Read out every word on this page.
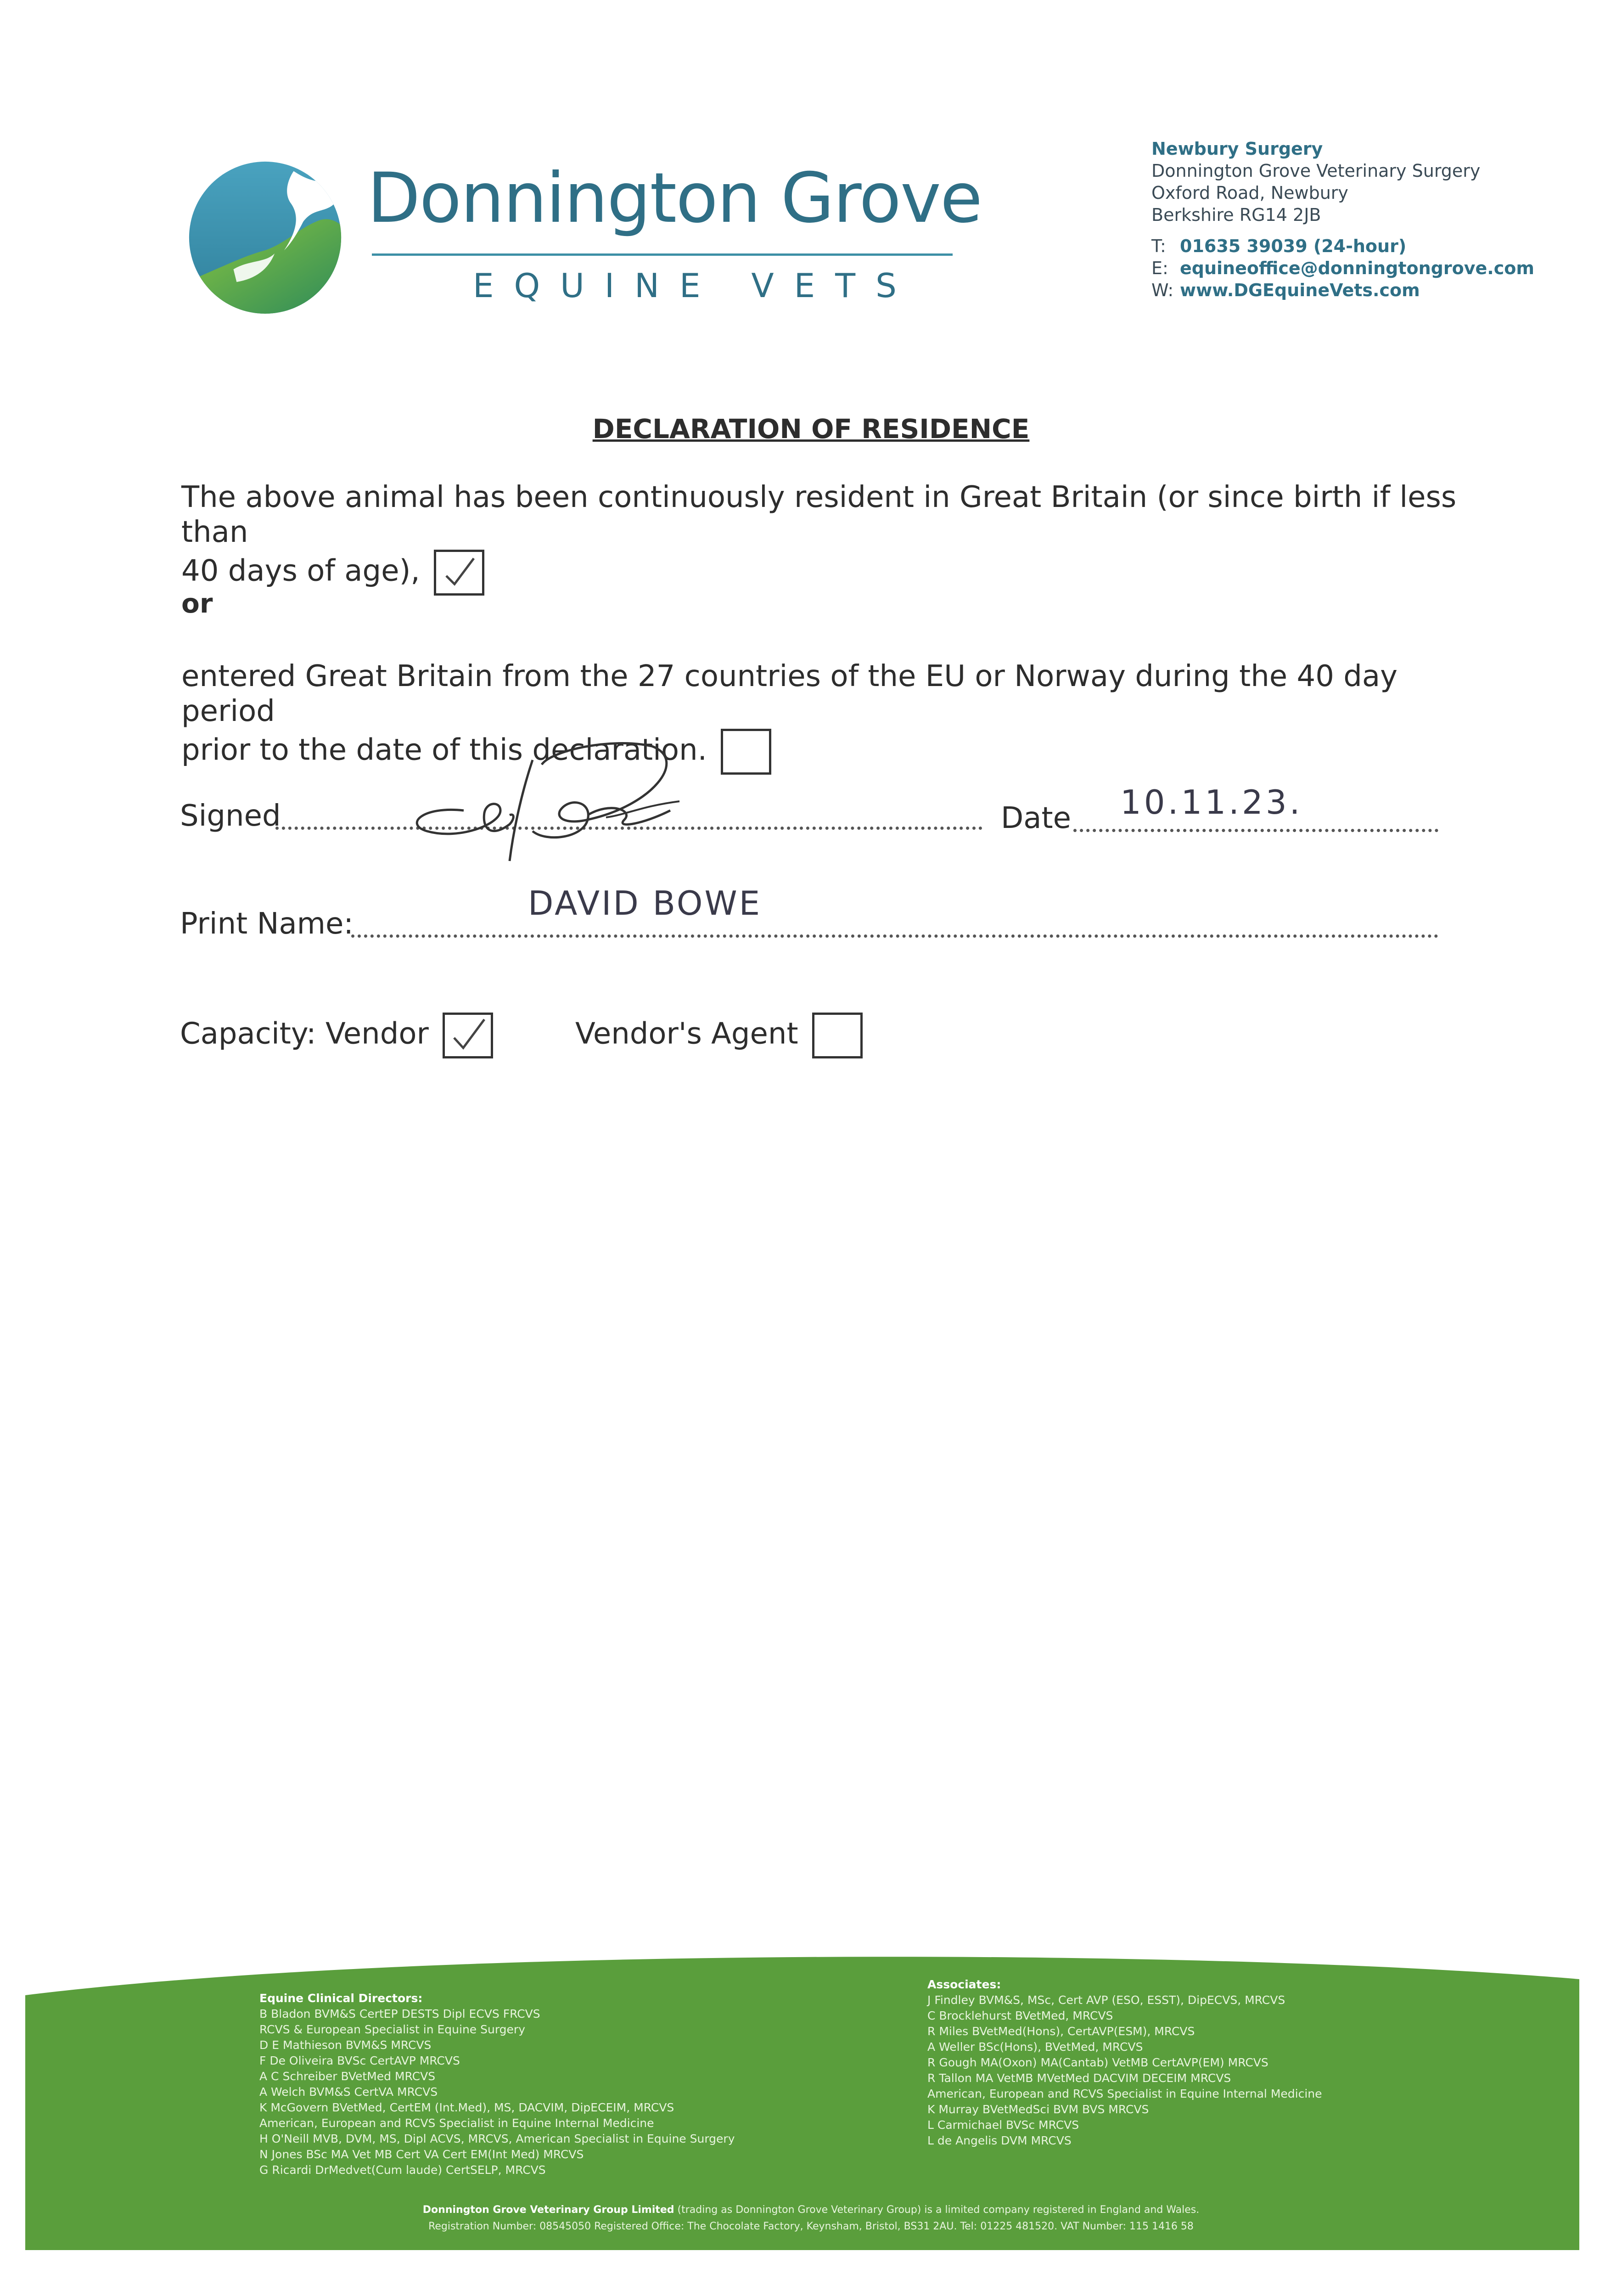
Donnington Grove
EQUINE VETS
Newbury Surgery
Donnington Grove Veterinary Surgery
Oxford Road, Newbury
Berkshire RG14 2JB
T: 01635 39039 (24-hour)
E: equineoffice@donningtongrove.com
W: www.DGEquineVets.com
DECLARATION OF RESIDENCE
The above animal has been continuously resident in Great Britain (or since birth if less than
40 days of age),
or
entered Great Britain from the 27 countries of the EU or Norway during the 40 day period
prior to the date of this declaration.
Signed	Date 10.11.23.
Print Name:
DAVID BOWE
Capacity: Vendor	Vendor's Agent
Equine Clinical Directors:
B Bladon BVM&S CertEP DESTS Dipl ECVS FRCVS
RCVS & European Specialist in Equine Surgery
D E Mathieson BVM&S MRCVS
F De Oliveira BVSc CertAVP MRCVS
A C Schreiber BVetMed MRCVS
A Welch BVM&S CertVA MRCVS
K McGovern BVetMed, CertEM (Int.Med), MS, DACVIM, DipECEIM, MRCVS
American, European and RCVS Specialist in Equine Internal Medicine
H O'Neill MVB, DVM, MS, Dipl ACVS, MRCVS, American Specialist in Equine Surgery
N Jones BSc MA Vet MB Cert VA Cert EM(Int Med) MRCVS
G Ricardi DrMedvet(Cum laude) CertSELP, MRCVS
Associates:
J Findley BVM&S, MSc, Cert AVP (ESO, ESST), DipECVS, MRCVS
C Brocklehurst BVetMed, MRCVS
R Miles BVetMed(Hons), CertAVP(ESM), MRCVS
A Weller BSc(Hons), BVetMed, MRCVS
R Gough MA(Oxon) MA(Cantab) VetMB CertAVP(EM) MRCVS
R Tallon MA VetMB MVetMed DACVIM DECEIM MRCVS
American, European and RCVS Specialist in Equine Internal Medicine
K Murray BVetMedSci BVM BVS MRCVS
L Carmichael BVSc MRCVS
L de Angelis DVM MRCVS
Donnington Grove Veterinary Group Limited (trading as Donnington Grove Veterinary Group) is a limited company registered in England and Wales.
Registration Number: 08545050 Registered Office: The Chocolate Factory, Keynsham, Bristol, BS31 2AU. Tel: 01225 481520. VAT Number: 115 1416 58
